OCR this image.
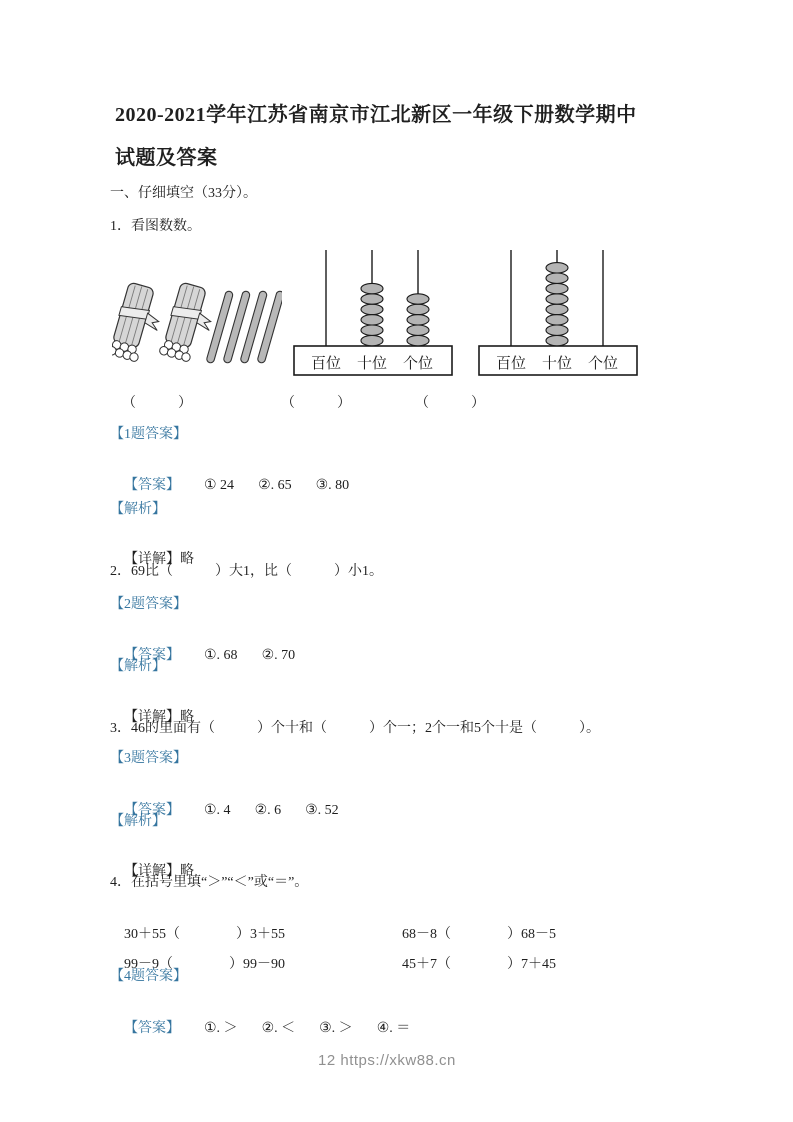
2020-2021学年江苏省南京市江北新区一年级下册数学期中
试题及答案
一、仔细填空（33分）。
1．看图数数。
百位 十位 个位	百位 十位 个位
（　　　）	（　　　）	（　　　）
【1题答案】

【答案】 ① 24 ②. 65 ③. 80

【解析】

【详解】略

2．69比（　　　）大1，比（　　　）小1。
【2题答案】

【答案】 ①. 68 ②. 70

【解析】

【详解】略

3．46的里面有（　　　）个十和（　　　）个一；2个一和5个十是（　　　）。
【3题答案】

【答案】 ①. 4 ②. 6 ③. 52

【解析】

【详解】略

4．在括号里填“＞”“＜”或“＝”。

30＋55（　　　　）3＋55	68－8（　　　　）68－5

99－9（　　　　）99－90	45＋7（　　　　）7＋45

【4题答案】

【答案】 ①. ＞ ②. ＜ ③. ＞ ④. ＝

12 https://xkw88.cn
